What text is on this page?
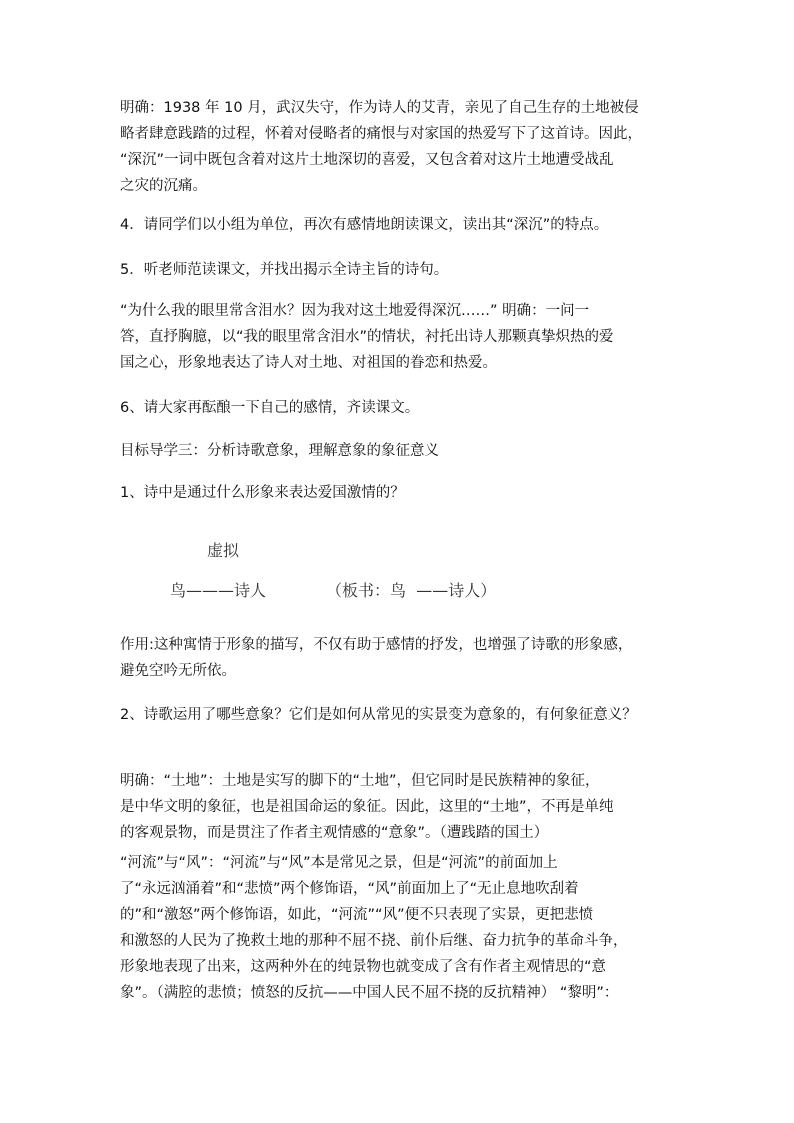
明确：1938 年 10 月，武汉失守，作为诗人的艾青，亲见了自己生存的土地被侵

略者肆意践踏的过程，怀着对侵略者的痛恨与对家国的热爱写下了这首诗。因此，

“深沉”一词中既包含着对这片土地深切的喜爱，又包含着对这片土地遭受战乱

之灾的沉痛。

4．请同学们以小组为单位，再次有感情地朗读课文，读出其“深沉”的特点。

5．听老师范读课文，并找出揭示全诗主旨的诗句。

“为什么我的眼里常含泪水？因为我对这土地爱得深沉……” 明确：一问一

答，直抒胸臆，以“我的眼里常含泪水”的情状，衬托出诗人那颗真挚炽热的爱

国之心，形象地表达了诗人对土地、对祖国的眷恋和热爱。

6、请大家再酝酿一下自己的感情，齐读课文。

目标导学三：分析诗歌意象，理解意象的象征意义

1、诗中是通过什么形象来表达爱国激情的？

虚拟
鸟———诗人	（板书：鸟  ——诗人）

作用:这种寓情于形象的描写，不仅有助于感情的抒发，也增强了诗歌的形象感，

避免空吟无所依。

2、诗歌运用了哪些意象？它们是如何从常见的实景变为意象的，有何象征意义？

明确：“土地”：土地是实写的脚下的“土地”，但它同时是民族精神的象征，

是中华文明的象征，也是祖国命运的象征。因此，这里的“土地”，不再是单纯

的客观景物，而是贯注了作者主观情感的“意象”。（遭践踏的国土）

“河流”与“风”：“河流”与“风”本是常见之景，但是“河流”的前面加上

了“永远汹涌着”和“悲愤”两个修饰语，“风”前面加上了“无止息地吹刮着

的”和“激怒”两个修饰语，如此，“河流”“风”便不只表现了实景，更把悲愤

和激怒的人民为了挽救土地的那种不屈不挠、前仆后继、奋力抗争的革命斗争，

形象地表现了出来，这两种外在的纯景物也就变成了含有作者主观情思的“意

象”。（满腔的悲愤；愤怒的反抗——中国人民不屈不挠的反抗精神） “黎明”：
